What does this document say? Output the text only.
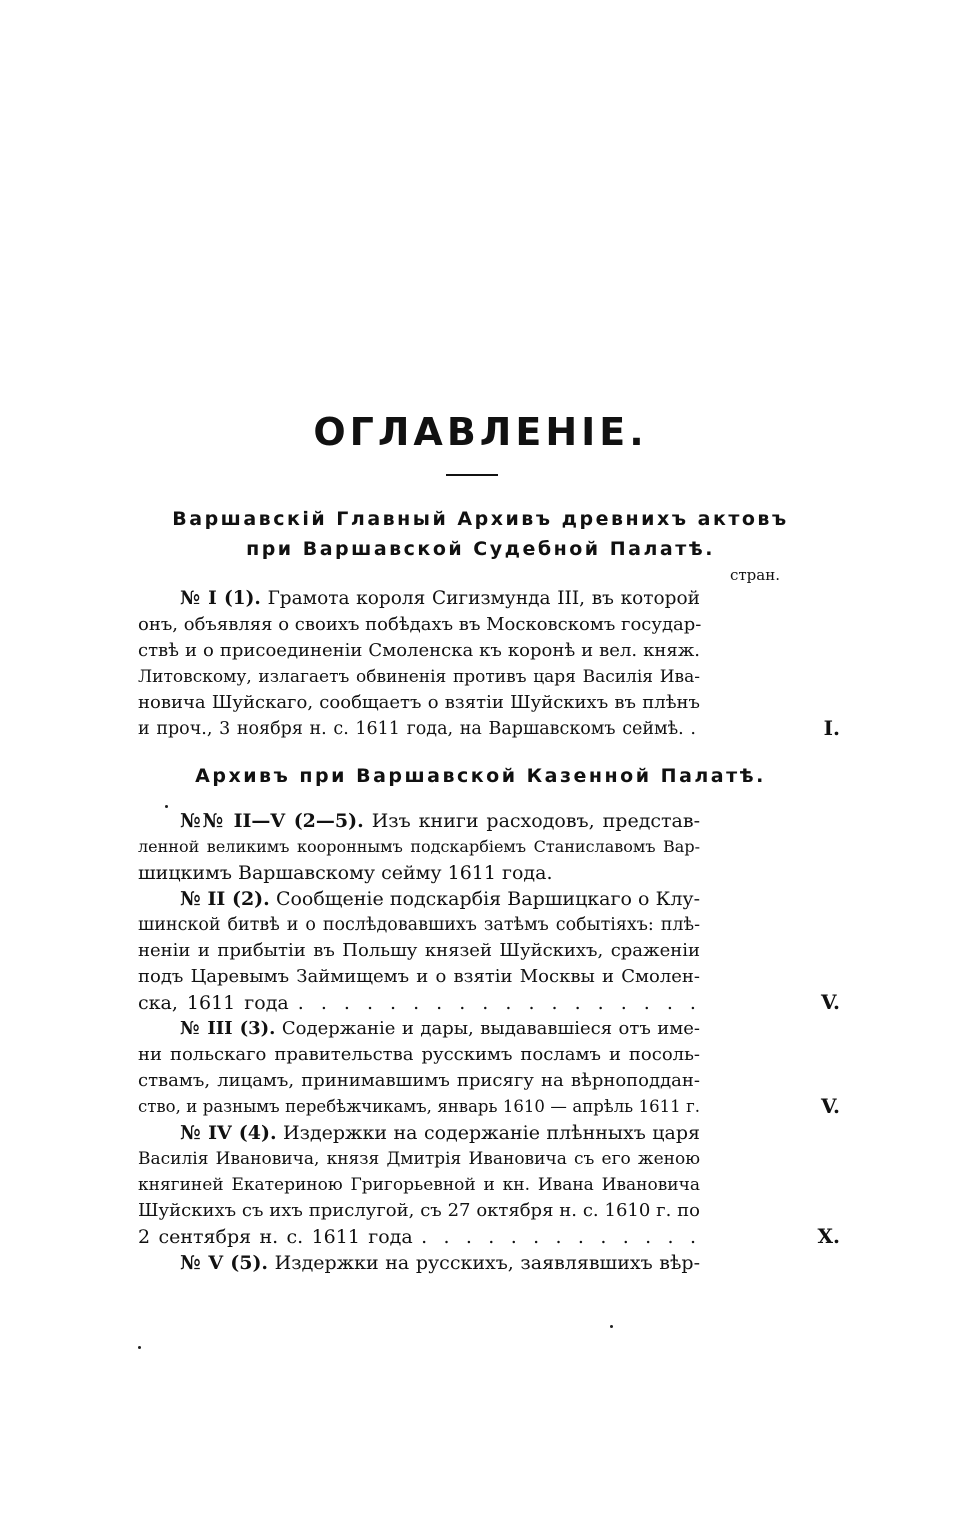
ОГЛАВЛЕНІЕ.
Варшавскій Главный Архивъ древнихъ актовъ
при Варшавской Судебной Палатѣ.
стран.
№ I (1). Грамота короля Сигизмунда III, въ которой
онъ, объявляя о своихъ побѣдахъ въ Московскомъ государ-
ствѣ и о присоединеніи Смоленска къ коронѣ и вел. княж.
Литовскому, излагаетъ обвиненія противъ царя Василія Ива-
новича Шуйскаго, сообщаетъ о взятіи Шуйскихъ въ плѣнъ
и проч., 3 ноября н. с. 1611 года, на Варшавскомъ сеймѣ. .	I.
Архивъ при Варшавской Казенной Палатѣ.
№№ II—V (2—5). Изъ книги расходовъ, представ-
ленной великимъ коороннымъ подскарбіемъ Станиславомъ Вар-
шицкимъ Варшавскому сейму 1611 года.
№ II (2). Сообщеніе подскарбія Варшицкаго о Клу-
шинской битвѣ и о послѣдовавшихъ затѣмъ событіяхъ: плѣ-
неніи и прибытіи въ Польшу князей Шуйскихъ, сраженіи
подъ Царевымъ Займищемъ и о взятіи Москвы и Смолен-
ска, 1611 года . . . . . . . . . . . . . . . . . .	V.
№ III (3). Содержаніе и дары, выдававшіеся отъ име-
ни польскаго правительства русскимъ посламъ и посоль-
ствамъ, лицамъ, принимавшимъ присягу на вѣрноподдан-
ство, и разнымъ перебѣжчикамъ, январь 1610 — апрѣль 1611 г.	V.
№ IV (4). Издержки на содержаніе плѣнныхъ царя
Василія Ивановича, князя Дмитрія Ивановича съ его женою
княгиней Екатериною Григорьевной и кн. Ивана Ивановича
Шуйскихъ съ ихъ прислугой, съ 27 октября н. с. 1610 г. по
2 сентября н. с. 1611 года . . . . . . . . . . . . .	X.
№ V (5). Издержки на русскихъ, заявлявшихъ вѣр-
